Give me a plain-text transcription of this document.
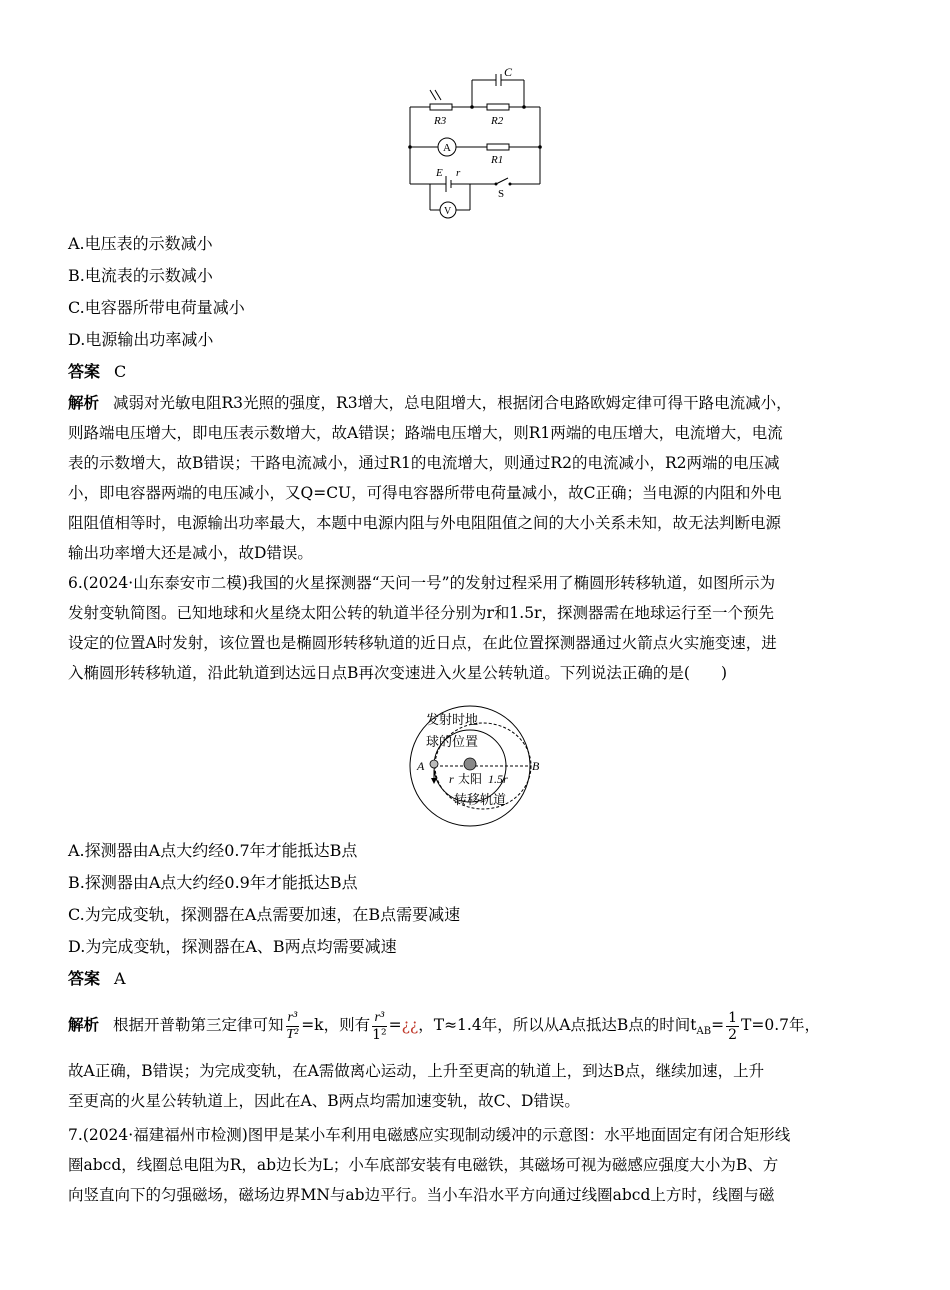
C
R3	R2
A
R1
E r
S
V
A.电压表的示数减小
B.电流表的示数减小
C.电容器所带电荷量减小
D.电源输出功率减小
答案 C
解析 减弱对光敏电阻R3光照的强度，R3增大，总电阻增大，根据闭合电路欧姆定律可得干路电流减小，
则路端电压增大，即电压表示数增大，故A错误；路端电压增大，则R1两端的电压增大，电流增大，电流
表的示数增大，故B错误；干路电流减小，通过R1的电流增大，则通过R2的电流减小，R2两端的电压减
小，即电容器两端的电压减小，又Q=CU，可得电容器所带电荷量减小，故C正确；当电源的内阻和外电
阻阻值相等时，电源输出功率最大，本题中电源内阻与外电阻阻值之间的大小关系未知，故无法判断电源
输出功率增大还是减小，故D错误。
6.(2024·山东泰安市二模)我国的火星探测器“天问一号”的发射过程采用了椭圆形转移轨道，如图所示为
发射变轨简图。已知地球和火星绕太阳公转的轨道半径分别为r和1.5r，探测器需在地球运行至一个预先
设定的位置A时发射，该位置也是椭圆形转移轨道的近日点，在此位置探测器通过火箭点火实施变速，进
入椭圆形转移轨道，沿此轨道到达远日点B再次变速进入火星公转轨道。下列说法正确的是(　　)
发射时地
球的位置
A	B
r 太阳 1.5r
转移轨道
A.探测器由A点大约经0.7年才能抵达B点
B.探测器由A点大约经0.9年才能抵达B点
C.为完成变轨，探测器在A点需要加速，在B点需要减速
D.为完成变轨，探测器在A、B两点均需要减速
答案 A
解析 根据开普勒第三定律可知 $\frac{\text{r³}}{\text{T²}} =k$，则有 $\frac{\text{r³}}{\text{1²}}$ =¿¿，T≈1.4年，所以从A点抵达B点的时间$t_{AB}= \frac{1}{2} T=0.7$年，
故A正确，B错误；为完成变轨，在A需做离心运动，上升至更高的轨道上，到达B点，继续加速，上升
至更高的火星公转轨道上，因此在A、B两点均需加速变轨，故C、D错误。
7.(2024·福建福州市检测)图甲是某小车利用电磁感应实现制动缓冲的示意图：水平地面固定有闭合矩形线
圈abcd，线圈总电阻为R，ab边长为L；小车底部安装有电磁铁，其磁场可视为磁感应强度大小为B、方
向竖直向下的匀强磁场，磁场边界MN与ab边平行。当小车沿水平方向通过线圈abcd上方时，线圈与磁
